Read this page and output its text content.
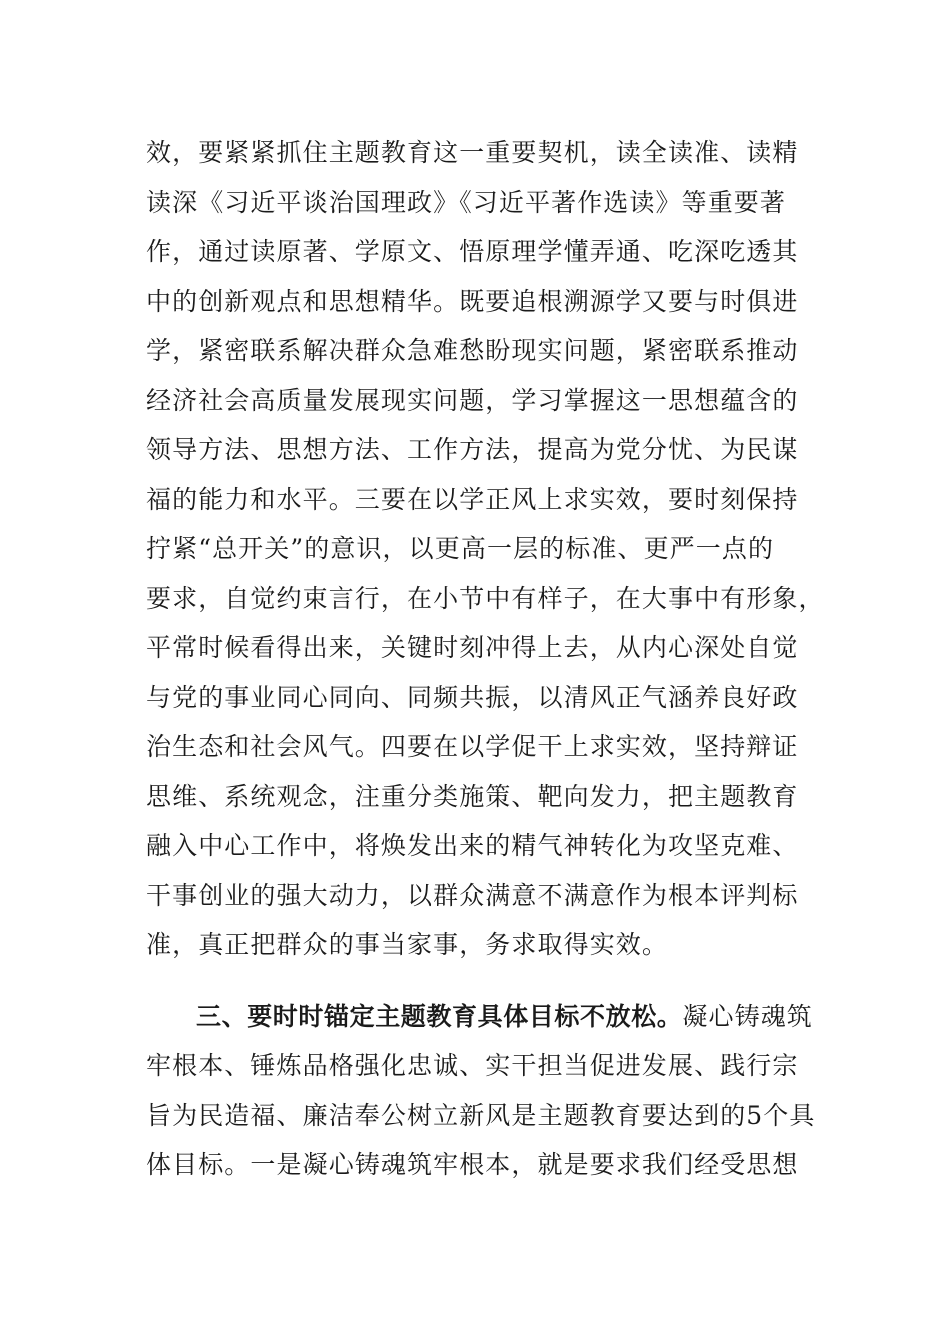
效，要紧紧抓住主题教育这一重要契机，读全读准、读精
读深《习近平谈治国理政》《习近平著作选读》等重要著
作，通过读原著、学原文、悟原理学懂弄通、吃深吃透其
中的创新观点和思想精华。既要追根溯源学又要与时俱进
学，紧密联系解决群众急难愁盼现实问题，紧密联系推动
经济社会高质量发展现实问题，学习掌握这一思想蕴含的
领导方法、思想方法、工作方法，提高为党分忧、为民谋
福的能力和水平。三要在以学正风上求实效，要时刻保持
拧紧“总开关”的意识，以更高一层的标准、更严一点的
要求，自觉约束言行，在小节中有样子，在大事中有形象，
平常时候看得出来，关键时刻冲得上去，从内心深处自觉
与党的事业同心同向、同频共振，以清风正气涵养良好政
治生态和社会风气。四要在以学促干上求实效，坚持辩证
思维、系统观念，注重分类施策、靶向发力，把主题教育
融入中心工作中，将焕发出来的精气神转化为攻坚克难、
干事创业的强大动力，以群众满意不满意作为根本评判标
准，真正把群众的事当家事，务求取得实效。
三、要时时锚定主题教育具体目标不放松。凝心铸魂筑
牢根本、锤炼品格强化忠诚、实干担当促进发展、践行宗
旨为民造福、廉洁奉公树立新风是主题教育要达到的5个具
体目标。一是凝心铸魂筑牢根本，就是要求我们经受思想
